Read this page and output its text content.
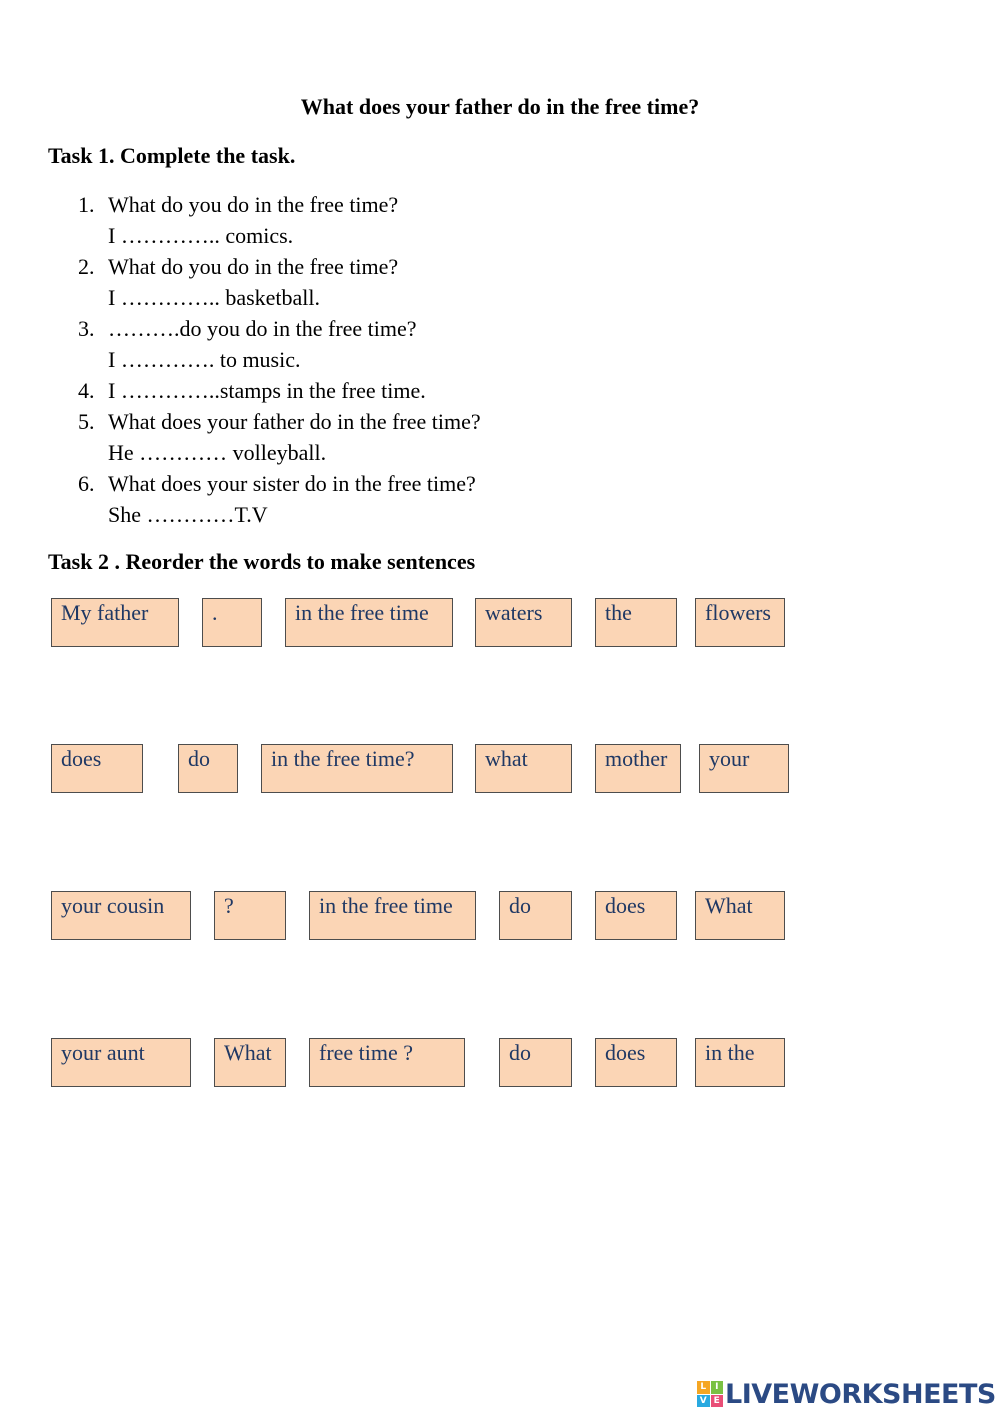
What does your father do in the free time?
Task 1. Complete the task.
1. What do you do in the free time?
I ………….. comics.
2. What do you do in the free time?
I ………….. basketball.
3. ……….do you do in the free time?
I …………. to music.
4. I …………..stamps in the free time.
5. What does your father do in the free time?
He ………… volleyball.
6. What does your sister do in the free time?
She …………T.V
Task 2 . Reorder the words to make sentences
My father	.	in the free time	waters	the	flowers
does	do	in the free time?	what	mother	your
your cousin	?	in the free time	do	does	What
your aunt	What	free time ?	do	does	in the
L I
V E LIVEWORKSHEETS
